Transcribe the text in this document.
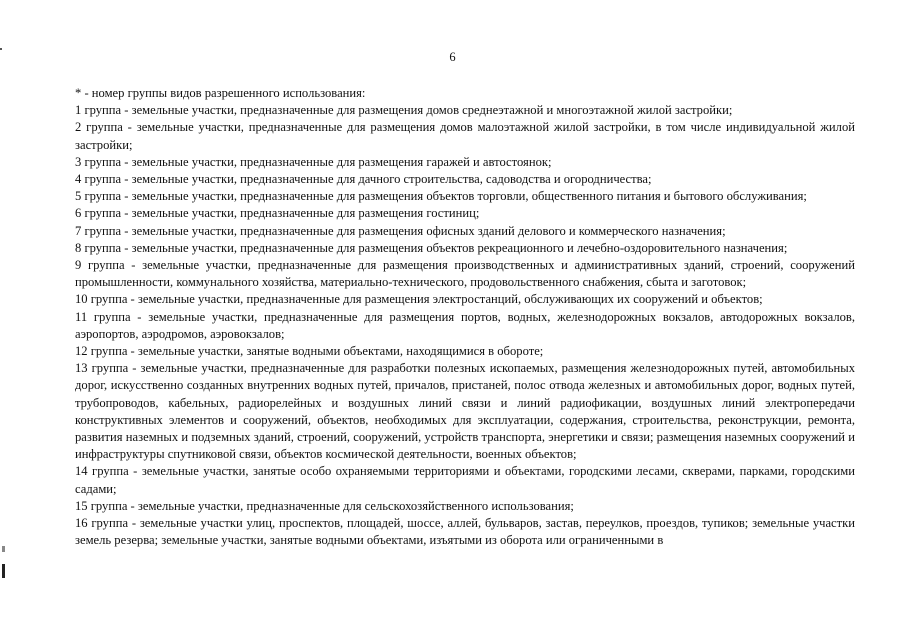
6

* - номер группы видов разрешенного использования:

1 группа - земельные участки, предназначенные для размещения домов среднеэтажной и многоэтажной жилой застройки;

2 группа - земельные участки, предназначенные для размещения домов малоэтажной жилой застройки, в том числе индивидуальной жилой застройки;

3 группа - земельные участки, предназначенные для размещения гаражей и автостоянок;

4 группа - земельные участки, предназначенные для дачного строительства, садоводства и огородничества;

5 группа - земельные участки, предназначенные для размещения объектов торговли, общественного питания и бытового обслуживания;

6 группа - земельные участки, предназначенные для размещения гостиниц;

7 группа - земельные участки, предназначенные для размещения офисных зданий делового и коммерческого назначения;

8 группа - земельные участки, предназначенные для размещения объектов рекреационного и лечебно-оздоровительного назначения;

9 группа - земельные участки, предназначенные для размещения производственных и административных зданий, строений, сооружений промышленности, коммунального хозяйства, материально-технического, продовольственного снабжения, сбыта и заготовок;

10 группа - земельные участки, предназначенные для размещения электростанций, обслуживающих их сооружений и объектов;

11 группа - земельные участки, предназначенные для размещения портов, водных, железнодорожных вокзалов, автодорожных вокзалов, аэропортов, аэродромов, аэровокзалов;

12 группа - земельные участки, занятые водными объектами, находящимися в обороте;

13 группа - земельные участки, предназначенные для разработки полезных ископаемых, размещения железнодорожных путей, автомобильных дорог, искусственно созданных внутренних водных путей, причалов, пристаней, полос отвода железных и автомобильных дорог, водных путей, трубопроводов, кабельных, радиорелейных и воздушных линий связи и линий радиофикации, воздушных линий электропередачи конструктивных элементов и сооружений, объектов, необходимых для эксплуатации, содержания, строительства, реконструкции, ремонта, развития наземных и подземных зданий, строений, сооружений, устройств транспорта, энергетики и связи; размещения наземных сооружений и инфраструктуры спутниковой связи, объектов космической деятельности, военных объектов;

14 группа - земельные участки, занятые особо охраняемыми территориями и объектами, городскими лесами, скверами, парками, городскими садами;

15 группа - земельные участки, предназначенные для сельскохозяйственного использования;

16 группа - земельные участки улиц, проспектов, площадей, шоссе, аллей, бульваров, застав, переулков, проездов, тупиков; земельные участки земель резерва; земельные участки, занятые водными объектами, изъятыми из оборота или ограниченными в
